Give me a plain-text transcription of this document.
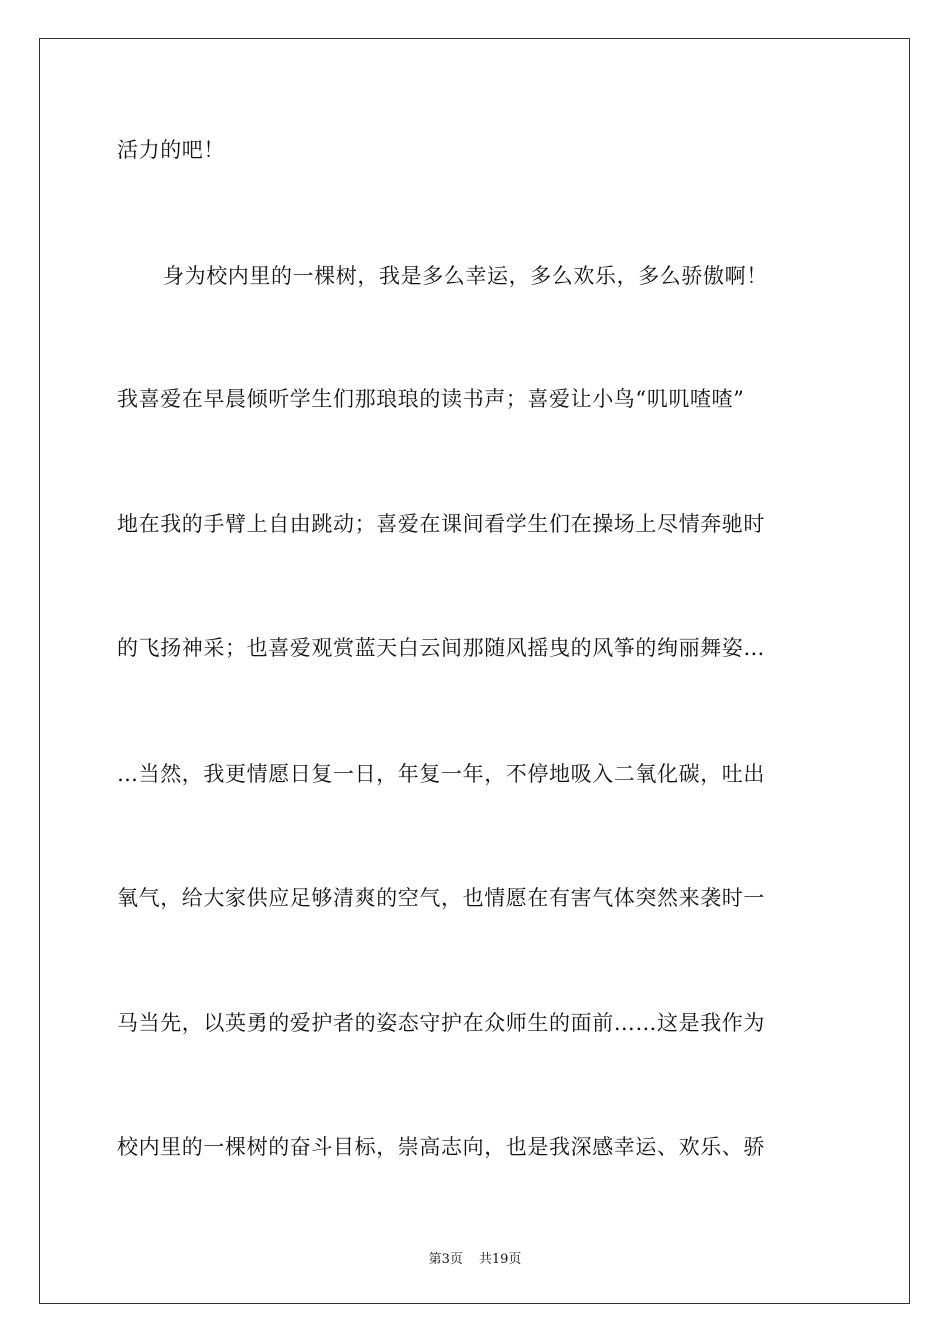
活力的吧！
身为校内里的一棵树，我是多么幸运，多么欢乐，多么骄傲啊！
我喜爱在早晨倾听学生们那琅琅的读书声；喜爱让小鸟“叽叽喳喳”
地在我的手臂上自由跳动；喜爱在课间看学生们在操场上尽情奔驰时
的飞扬神采；也喜爱观赏蓝天白云间那随风摇曳的风筝的绚丽舞姿…
…当然，我更情愿日复一日，年复一年，不停地吸入二氧化碳，吐出
氧气，给大家供应足够清爽的空气，也情愿在有害气体突然来袭时一
马当先，以英勇的爱护者的姿态守护在众师生的面前……这是我作为
校内里的一棵树的奋斗目标，崇高志向，也是我深感幸运、欢乐、骄
第3页 共19页
